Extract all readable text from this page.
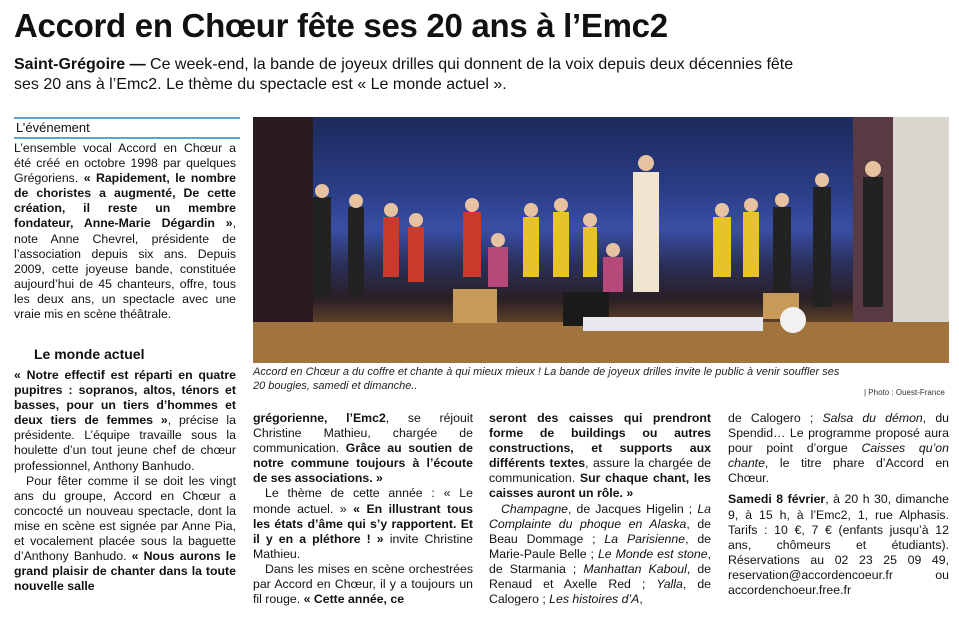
Accord en Chœur fête ses 20 ans à l’Emc2
Saint-Grégoire — Ce week-end, la bande de joyeux drilles qui donnent de la voix depuis deux décennies fête ses 20 ans à l’Emc2. Le thème du spectacle est « Le monde actuel ».
L’événement

L’ensemble vocal Accord en Chœur a été créé en octobre 1998 par quelques Grégoriens. « Rapidement, le nombre de choristes a augmenté, De cette création, il reste un membre fondateur, Anne-Marie Dégardin », note Anne Chevrel, présidente de l’association depuis six ans. Depuis 2009, cette joyeuse bande, constituée aujourd’hui de 45 chanteurs, offre, tous les deux ans, un spectacle avec une vraie mis en scène théâtrale.

Le monde actuel

« Notre effectif est réparti en quatre pupitres : sopranos, altos, ténors et basses, pour un tiers d’hommes et deux tiers de femmes », précise la présidente. L’équipe travaille sous la houlette d’un tout jeune chef de chœur professionnel, Anthony Banhudo.

Pour fêter comme il se doit les vingt ans du groupe, Accord en Chœur a concocté un nouveau spectacle, dont la mise en scène est signée par Anne Pia, et vocalement placée sous la baguette d’Anthony Banhudo. « Nous aurons le grand plaisir de chanter dans la toute nouvelle salle

Accord en Chœur a du coffre et chante à qui mieux mieux ! La bande de joyeux drilles invite le public à venir souffler ses 20 bougies, samedi et dimanche..
| Photo : Ouest-France

grégorienne, l’Emc2, se réjouit Christine Mathieu, chargée de communication. Grâce au soutien de notre commune toujours à l’écoute de ses associations. »

Le thème de cette année : « Le monde actuel. » « En illustrant tous les états d’âme qui s’y rapportent. Et il y en a pléthore ! » invite Christine Mathieu.

Dans les mises en scène orchestrées par Accord en Chœur, il y a toujours un fil rouge. « Cette année, ce

seront des caisses qui prendront forme de buildings ou autres constructions, et supports aux différents textes, assure la chargée de communication. Sur chaque chant, les caisses auront un rôle. »

Champagne, de Jacques Higelin ; La Complainte du phoque en Alaska, de Beau Dommage ; La Parisienne, de Marie-Paule Belle ; Le Monde est stone, de Starmania ; Manhattan Kaboul, de Renaud et Axelle Red ; Yalla, de Calogero ; Les histoires d’A,

de Calogero ; Salsa du démon, du Spendid… Le programme proposé aura pour point d’orgue Caisses qu’on chante, le titre phare d’Accord en Chœur.

Samedi 8 février, à 20 h 30, dimanche 9, à 15 h, à l’Emc2, 1, rue Alphasis. Tarifs : 10 €, 7 € (enfants jusqu’à 12 ans, chômeurs et étudiants). Réservations au 02 23 25 09 49, reservation@accordencoeur.fr ou accordenchoeur.free.fr
